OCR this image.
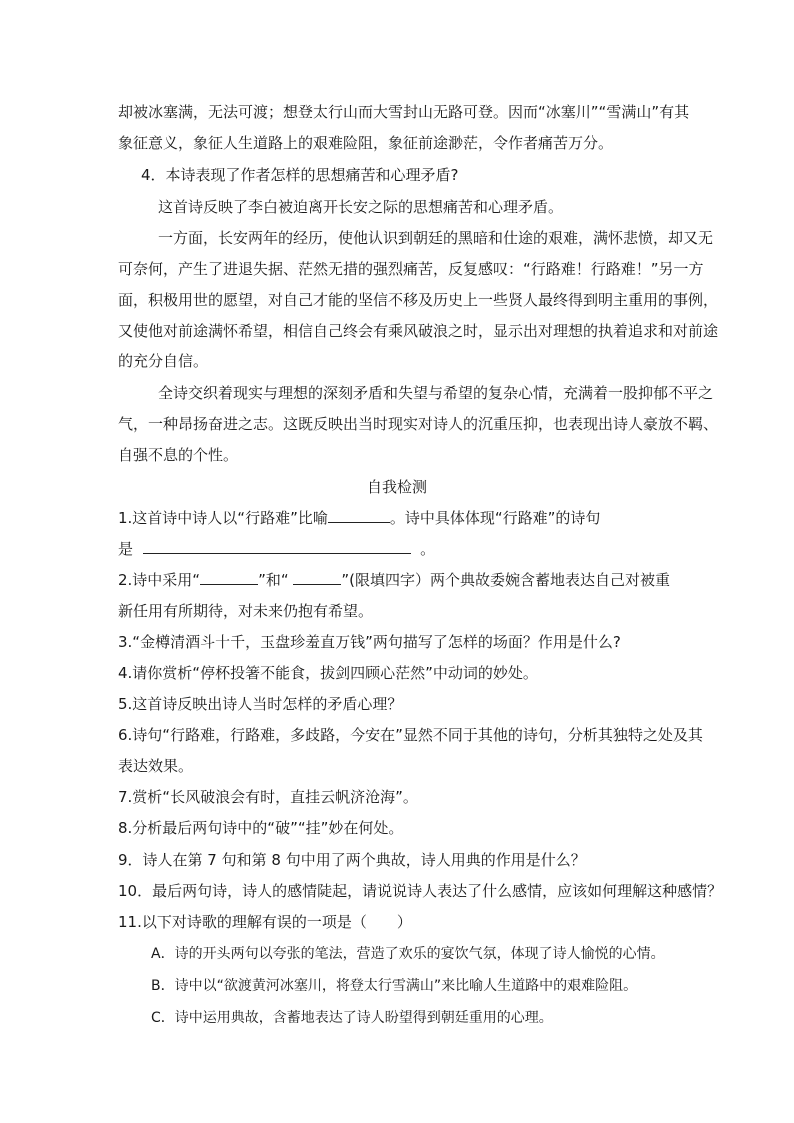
却被冰塞满，无法可渡；想登太行山而大雪封山无路可登。因而“冰塞川”“雪满山”有其
象征意义，象征人生道路上的艰难险阻，象征前途渺茫，令作者痛苦万分。
4．本诗表现了作者怎样的思想痛苦和心理矛盾?
这首诗反映了李白被迫离开长安之际的思想痛苦和心理矛盾。
一方面，长安两年的经历，使他认识到朝廷的黑暗和仕途的艰难，满怀悲愤，却又无
可奈何，产生了进退失据、茫然无措的强烈痛苦，反复感叹：“行路难！行路难！”另一方
面，积极用世的愿望，对自己才能的坚信不移及历史上一些贤人最终得到明主重用的事例，
又使他对前途满怀希望，相信自己终会有乘风破浪之时，显示出对理想的执着追求和对前途
的充分自信。
全诗交织着现实与理想的深刻矛盾和失望与希望的复杂心情，充满着一股抑郁不平之
气，一种昂扬奋进之志。这既反映出当时现实对诗人的沉重压抑，也表现出诗人豪放不羁、
自强不息的个性。
自我检测
1.这首诗中诗人以“行路难”比喻	。诗中具体体现“行路难”的诗句
是	。
2.诗中采用“	”和“	”(限填四字）两个典故委婉含蓄地表达自己对被重
新任用有所期待，对未来仍抱有希望。
3.“金樽清酒斗十千，玉盘珍羞直万钱”两句描写了怎样的场面？作用是什么?
4.请你赏析“停杯投箸不能食，拔剑四顾心茫然”中动词的妙处。
5.这首诗反映出诗人当时怎样的矛盾心理？
6.诗句“行路难，行路难，多歧路，今安在”显然不同于其他的诗句，分析其独特之处及其
表达效果。
7.赏析“长风破浪会有时，直挂云帆济沧海”。
8.分析最后两句诗中的“破”“挂”妙在何处。
9．诗人在第 7 句和第 8 句中用了两个典故，诗人用典的作用是什么？
10．最后两句诗，诗人的感情陡起，请说说诗人表达了什么感情，应该如何理解这种感情？
11.以下对诗歌的理解有误的一项是（　　）
A．诗的开头两句以夸张的笔法，营造了欢乐的宴饮气氛，体现了诗人愉悦的心情。
B．诗中以“欲渡黄河冰塞川，将登太行雪满山”来比喻人生道路中的艰难险阻。
C．诗中运用典故，含蓄地表达了诗人盼望得到朝廷重用的心理。
